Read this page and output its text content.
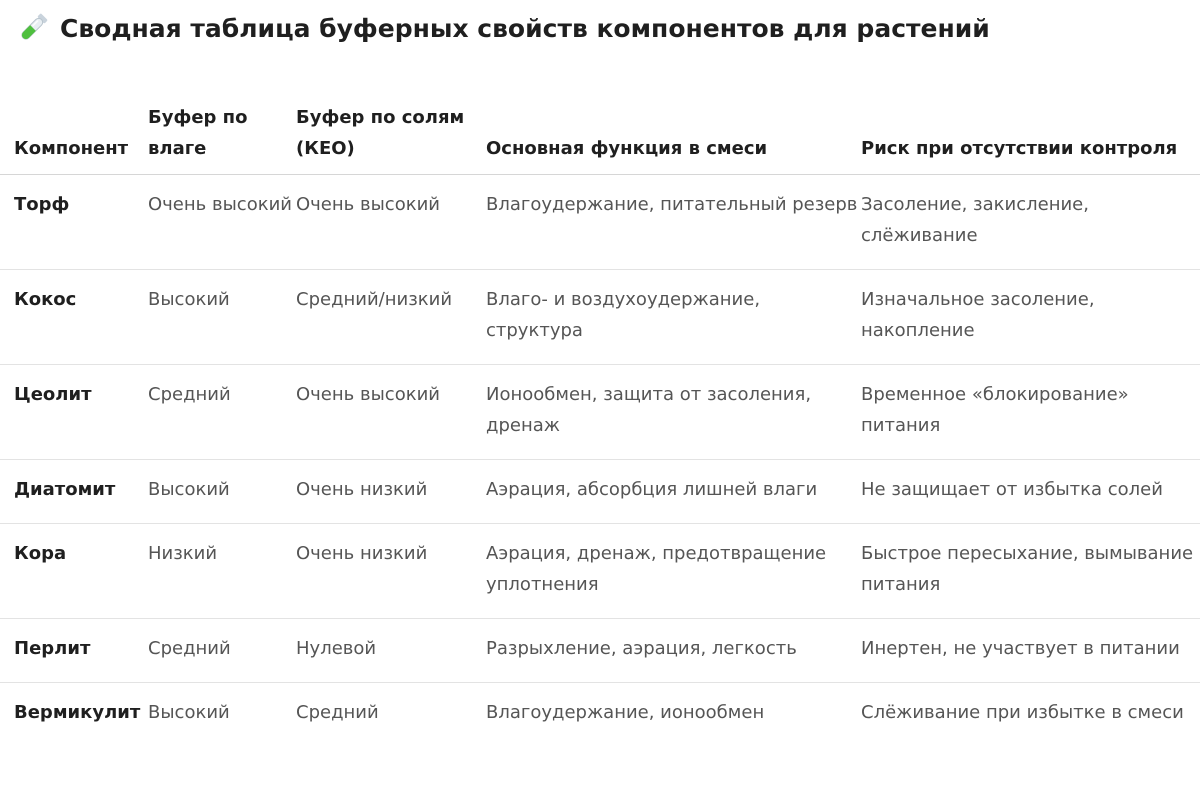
Сводная таблица буферных свойств компонентов для растений
Компонент	Буфер по влаге	Буфер по солям (КЕО)	Основная функция в смеси	Риск при отсутствии контроля
Торф	Очень высокий	Очень высокий	Влагоудержание, питательный резерв	Засоление, закисление, слёживание
Кокос	Высокий	Средний/низкий	Влаго- и воздухоудержание, структура	Изначальное засоление, накопление
Цеолит	Средний	Очень высокий	Ионообмен, защита от засоления, дренаж	Временное «блокирование» питания
Диатомит	Высокий	Очень низкий	Аэрация, абсорбция лишней влаги	Не защищает от избытка солей
Кора	Низкий	Очень низкий	Аэрация, дренаж, предотвращение уплотнения	Быстрое пересыхание, вымывание питания
Перлит	Средний	Нулевой	Разрыхление, аэрация, легкость	Инертен, не участвует в питании
Вермикулит	Высокий	Средний	Влагоудержание, ионообмен	Слёживание при избытке в смеси
